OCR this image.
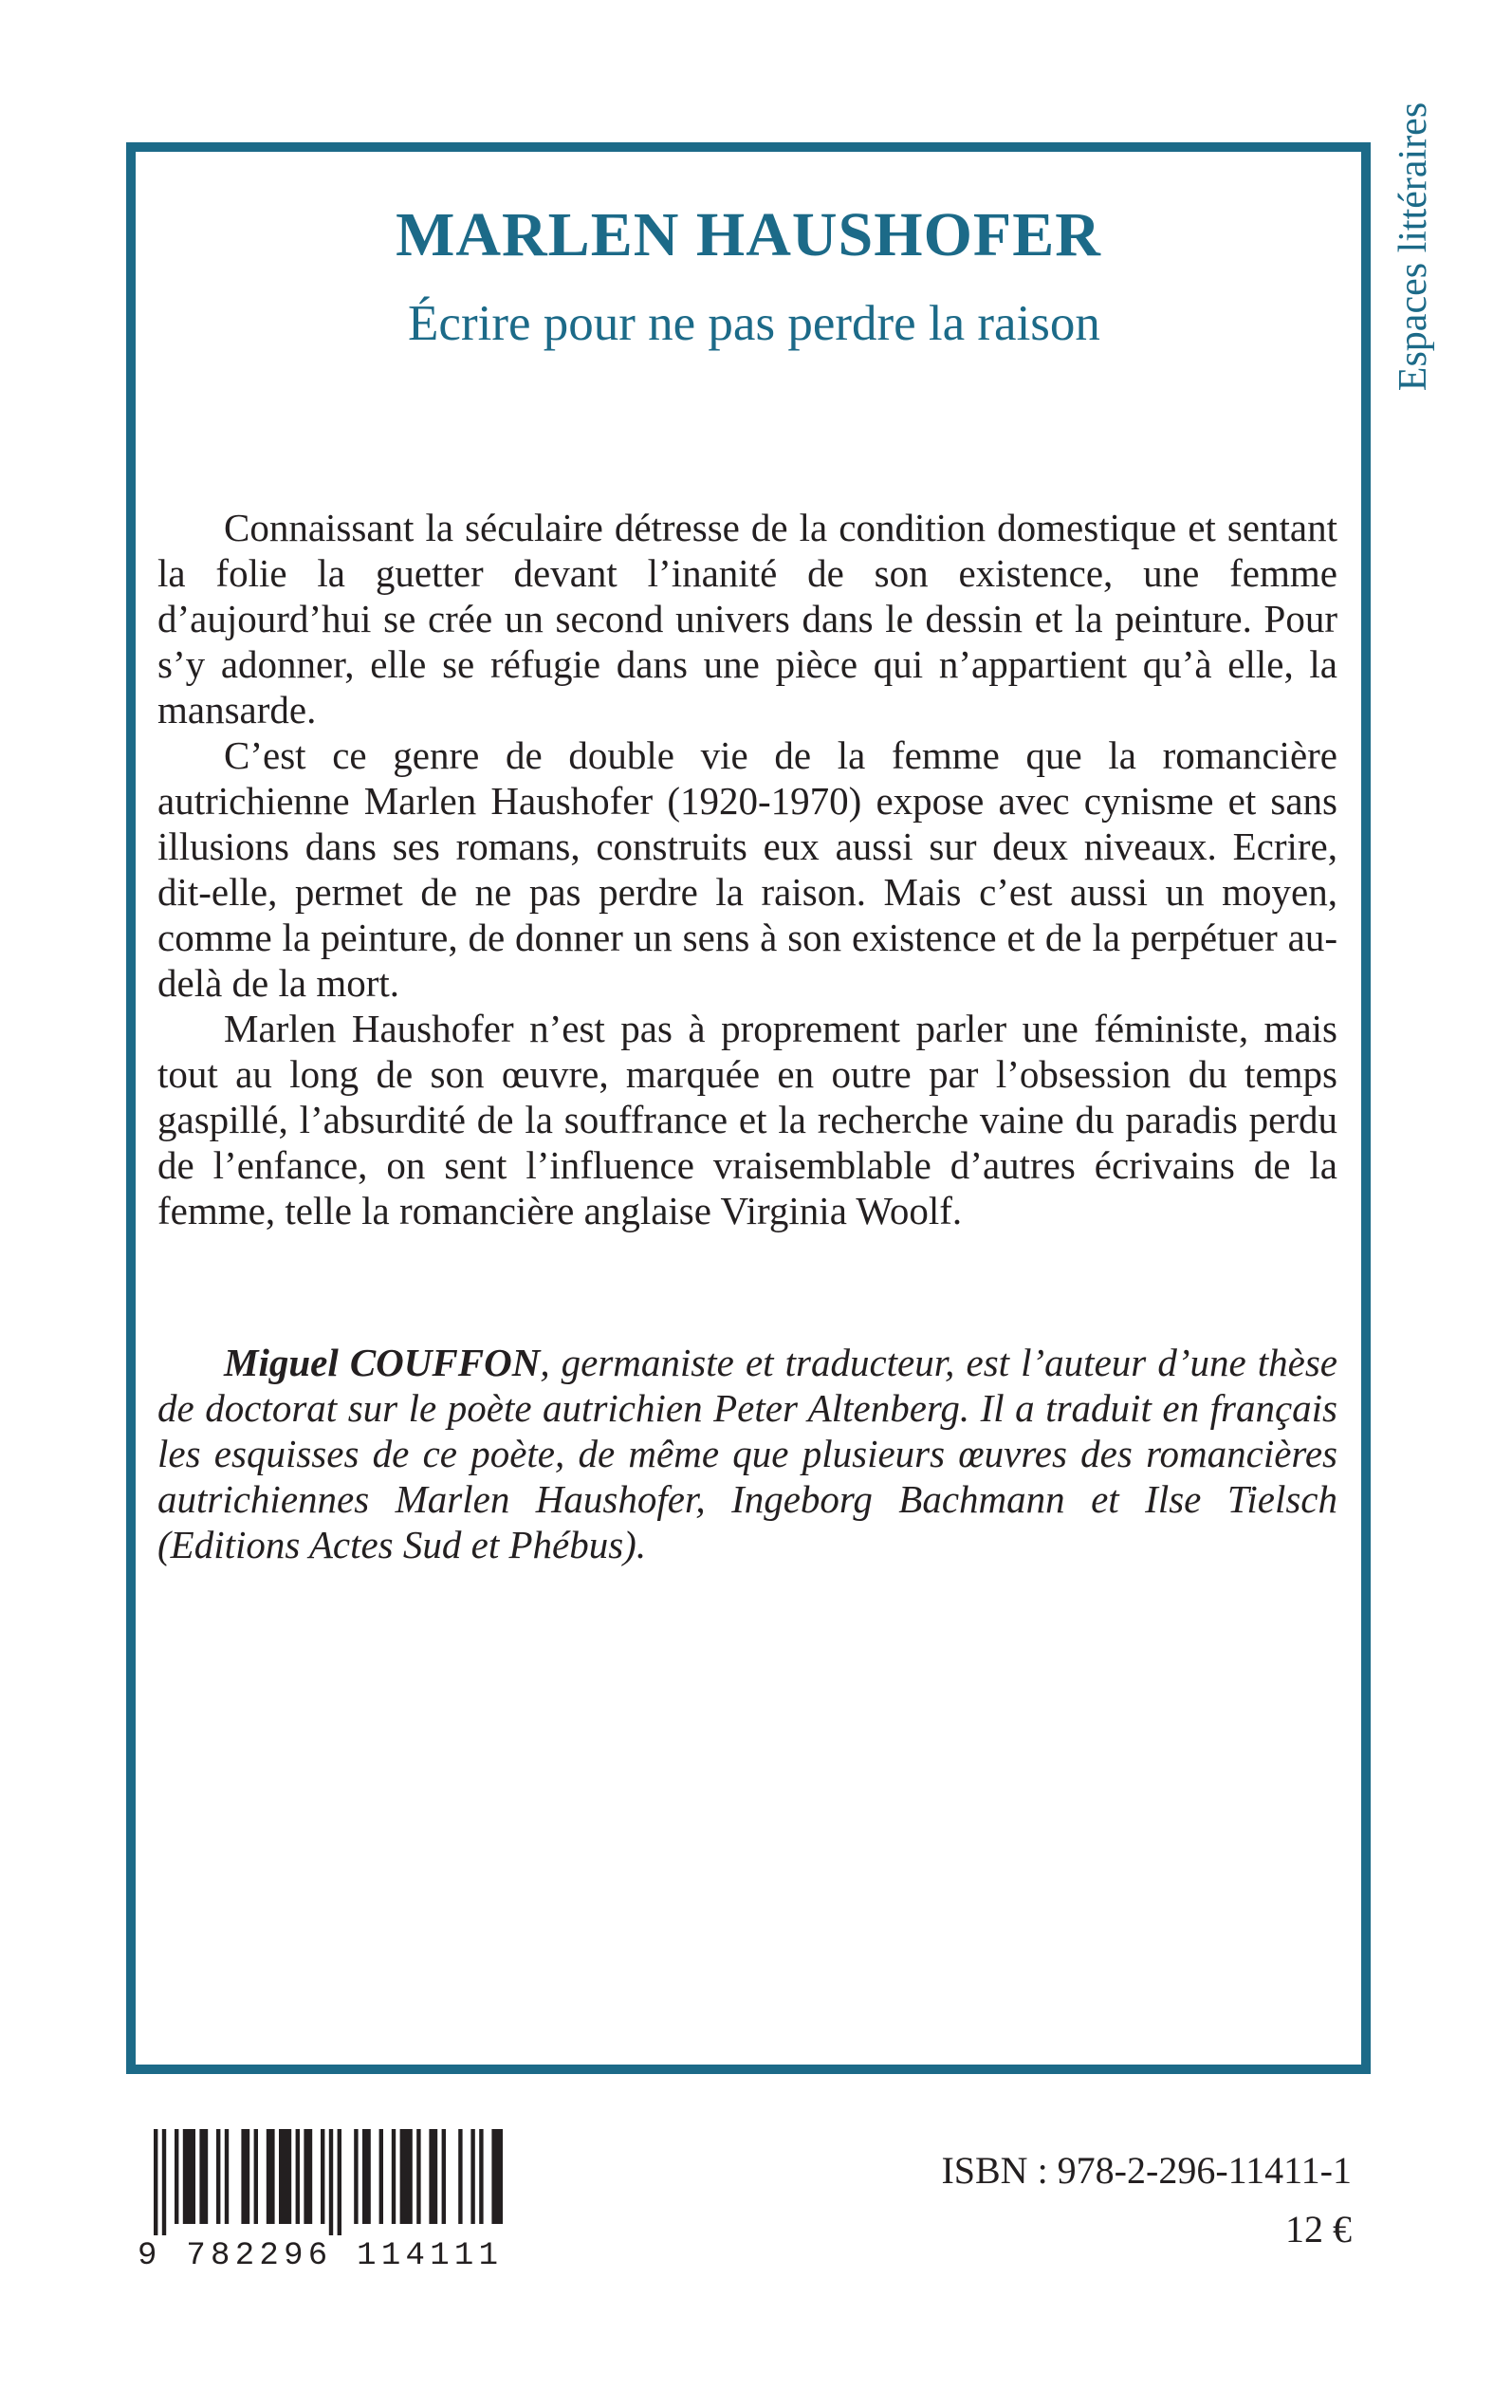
MARLEN HAUSHOFER
Écrire pour ne pas perdre la raison

Connaissant la séculaire détresse de la condition domestique et sentant la folie la guetter devant l’inanité de son existence, une femme d’aujourd’hui se crée un second univers dans le dessin et la peinture. Pour s’y adonner, elle se réfugie dans une pièce qui n’appartient qu’à elle, la mansarde.

C’est ce genre de double vie de la femme que la romancière autrichienne Marlen Haushofer (1920-1970) expose avec cynisme et sans illusions dans ses romans, construits eux aussi sur deux niveaux. Ecrire, dit-elle, permet de ne pas perdre la raison. Mais c’est aussi un moyen, comme la peinture, de donner un sens à son existence et de la perpétuer au-delà de la mort.

Marlen Haushofer n’est pas à proprement parler une féministe, mais tout au long de son œuvre, marquée en outre par l’obsession du temps gaspillé, l’absurdité de la souffrance et la recherche vaine du paradis perdu de l’enfance, on sent l’influence vraisemblable d’autres écrivains de la femme, telle la romancière anglaise Virginia Woolf.

Miguel COUFFON, germaniste et traducteur, est l’auteur d’une thèse de doctorat sur le poète autrichien Peter Altenberg. Il a traduit en français les esquisses de ce poète, de même que plusieurs œuvres des romancières autrichiennes Marlen Haushofer, Ingeborg Bachmann et Ilse Tielsch (Editions Actes Sud et Phébus).

Espaces littéraires
9 782296 114111
ISBN : 978-2-296-11411-1
12 €
